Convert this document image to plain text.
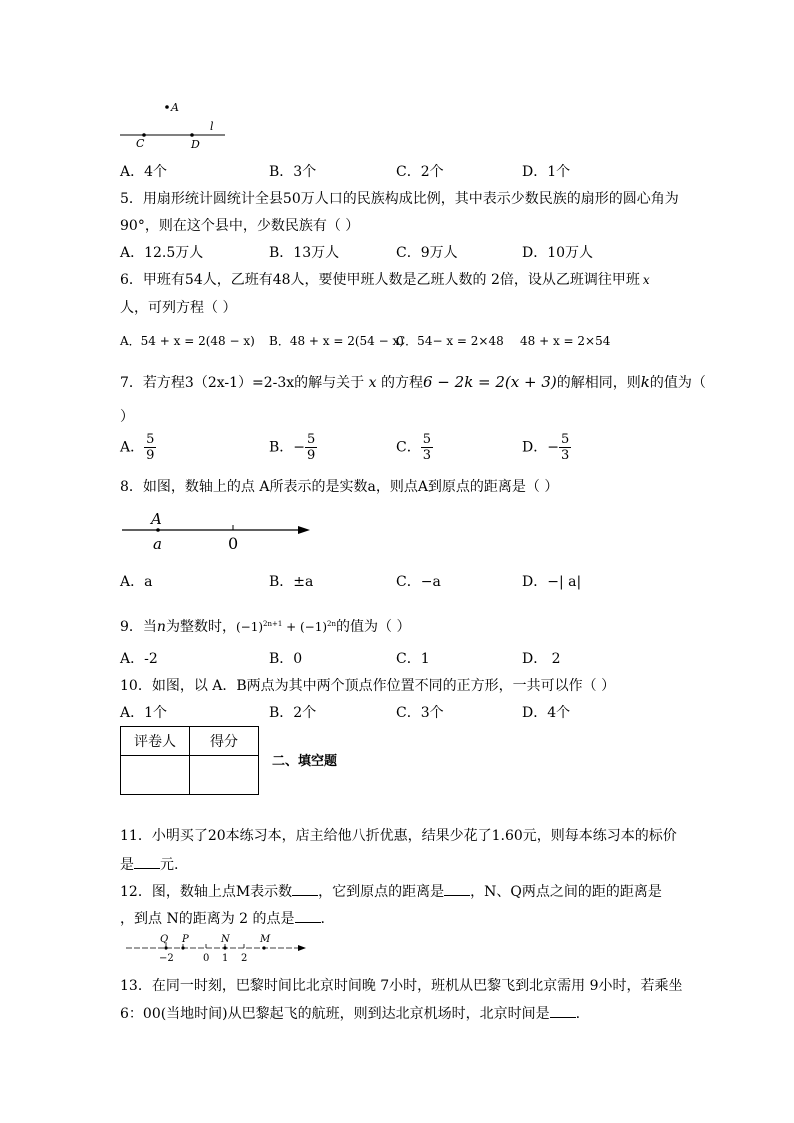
A
l
C	D
A．4个	B．3个	C．2个	D．1个
5．用扇形统计圆统计全县50万人口的民族构成比例，其中表示少数民族的扇形的圆心角为
90°，则在这个县中，少数民族有（ ）
A．12.5万人	B．13万人	C．9万人	D．10万人
6．甲班有54人，乙班有48人，要使甲班人数是乙班人数的 2倍，设从乙班调往甲班 x
人，可列方程（ ）
A．54 + x = 2(48 − x) B．48 + x = 2(54 − x)
C．54− x = 2×48 48 + x = 2×54
7．若方程3（2x-1）=2-3x的解与关于 x 的方程6 − 2k = 2(x + 3)的解相同，则k的值为（
）
A． $\frac{5}{9}$	B．− $\frac{5}{9}$	C． $\frac{5}{3}$	D．− $\frac{5}{3}$
8．如图，数轴上的点 A所表示的是实数a，则点A到原点的距离是（ ）
A
a	0
A．a	B．±a	C．−a	D．−| a|
9．当n为整数时，$(-1)^{2n+1} + (-1)^{2n}$的值为（ ）
A．-2	B．0	C．1	D． 2
10．如图，以 A．B两点为其中两个顶点作位置不同的正方形，一共可以作（ ）
A．1个	B．2个	C．3个	D．4个
评卷人	得分

二、填空题
11．小明买了20本练习本，店主给他八折优惠，结果少花了1.60元，则每本练习本的标价
是 元.
12．图，数轴上点M表示数 ，它到原点的距离是 ，N、Q两点之间的距的距离是
，到点 N的距离为 2 的点是 .
Q P	N	M
−2	0 1 2
13．在同一时刻，巴黎时间比北京时间晚 7小时，班机从巴黎飞到北京需用 9小时，若乘坐
6：00(当地时间)从巴黎起飞的航班，则到达北京机场时，北京时间是 .
